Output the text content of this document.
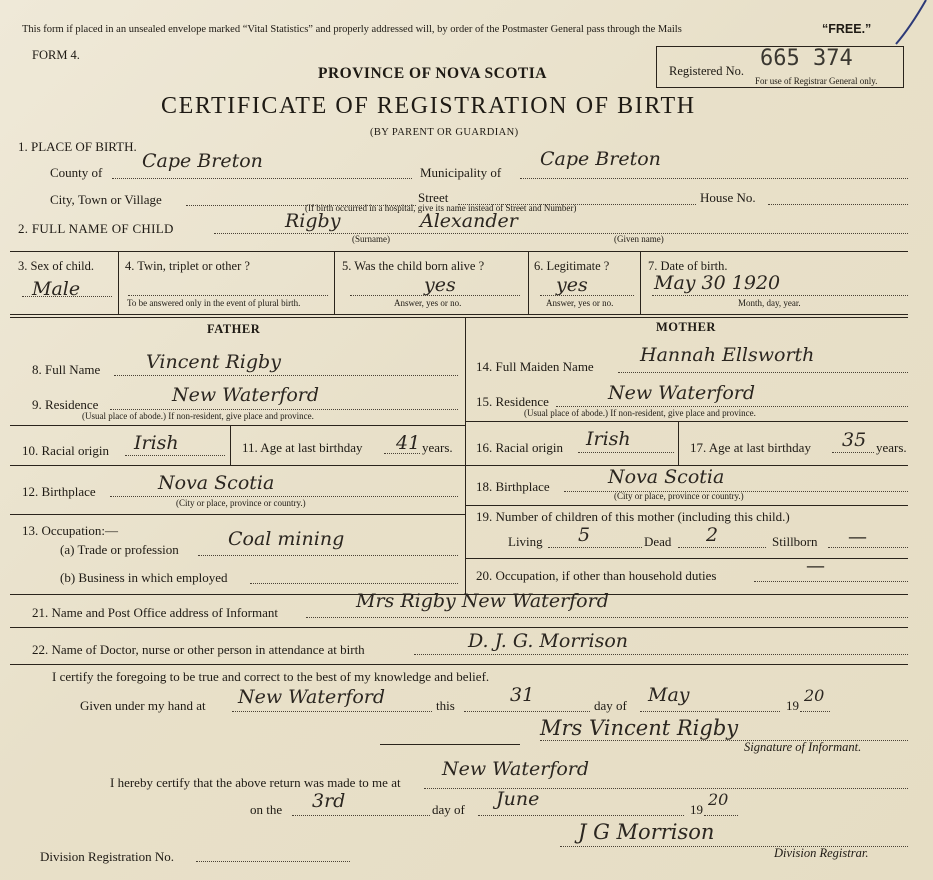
This form if placed in an unsealed envelope marked “Vital Statistics” and properly addressed will, by order of the Postmaster General pass through the Mails	“FREE.”
FORM 4.
Registered No. 665 374
For use of Registrar General only.
PROVINCE OF NOVA SCOTIA
CERTIFICATE OF REGISTRATION OF BIRTH
(BY PARENT OR GUARDIAN)
1. PLACE OF BIRTH.
County of
Cape Breton
Municipality of
Cape Breton
City, Town or Village	Street	House No.
(If birth occurred in a hospital, give its name instead of Street and Number)
2. FULL NAME OF CHILD	Rigby	Alexander
(Surname)	(Given name)
3. Sex of child.
Male
4. Twin, triplet or other ?
To be answered only in the event of plural birth.
5. Was the child born alive ?
yes
Answer, yes or no.
6. Legitimate ?
yes
Answer, yes or no.
7. Date of birth.
May 30 1920
Month, day, year.
FATHER
8. Full Name Vincent Rigby
9. Residence	New Waterford
(Usual place of abode.) If non-resident, give place and province.
10. Racial origin Irish	11. Age at last birthday 41 years.
12. Birthplace	Nova Scotia
(City or place, province or country.)
13. Occupation:—
(a) Trade or profession	Coal mining
(b) Business in which employed
MOTHER
14. Full Maiden Name
Hannah Ellsworth
15. Residence	New Waterford
(Usual place of abode.) If non-resident, give place and province.
16. Racial origin Irish	17. Age at last birthday 35 years.
18. Birthplace	Nova Scotia
(City or place, province or country.)
19. Number of children of this mother (including this child.)
Living 5	Dead 2	Stillborn —
20. Occupation, if other than household duties	—
21. Name and Post Office address of Informant
Mrs Rigby New Waterford
22. Name of Doctor, nurse or other person in attendance at birth	D. J. G. Morrison
I certify the foregoing to be true and correct to the best of my knowledge and belief.
Given under my hand at New Waterford	this	31	day of May	19
20
Mrs Vincent Rigby
Signature of Informant.
I hereby certify that the above return was made to me at
New Waterford
on the 3rd	day of June	19
20
J G Morrison
Division Registrar.
Division Registration No.
